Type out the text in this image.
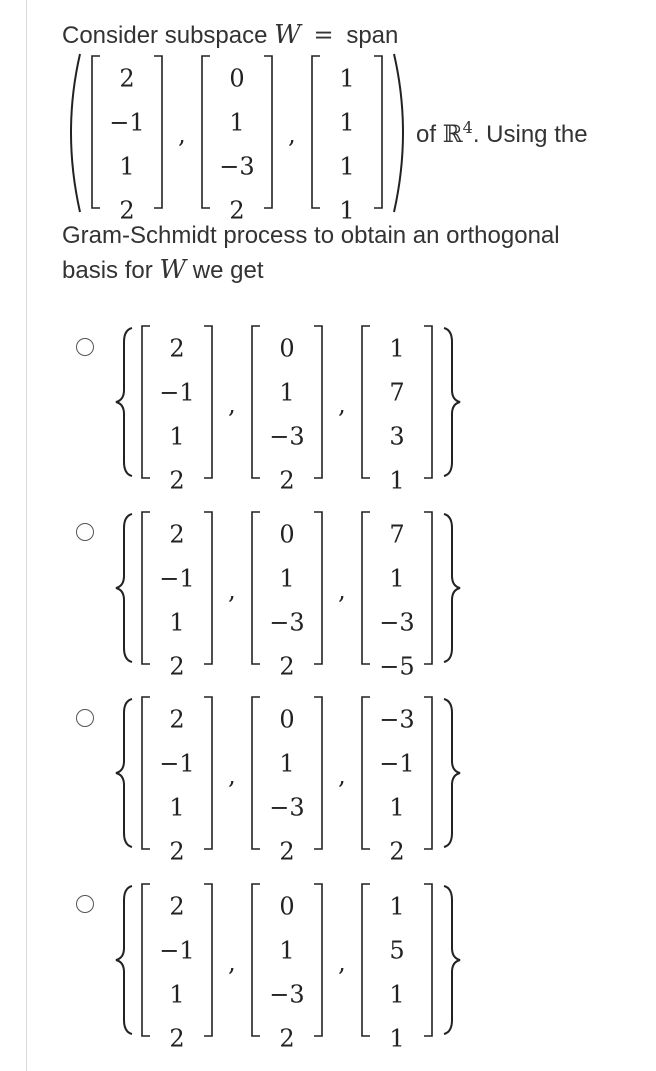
Consider subspace W = span
2
−1
1
2
,
0
1
−3
2
,
1
1
1
1
of ℝ$^4$. Using the
Gram-Schmidt process to obtain an orthogonal
basis for W we get
2
−1
1
2
,
0
1
−3
2
,
1
7
3
1
2
−1
1
2
,
0
1
−3
2
,
7
1
−3
−5
2
−1
1
2
,
0
1
−3
2
,
−3
−1
1
2
2
−1
1
2
,
0
1
−3
2
,
1
5
1
1
